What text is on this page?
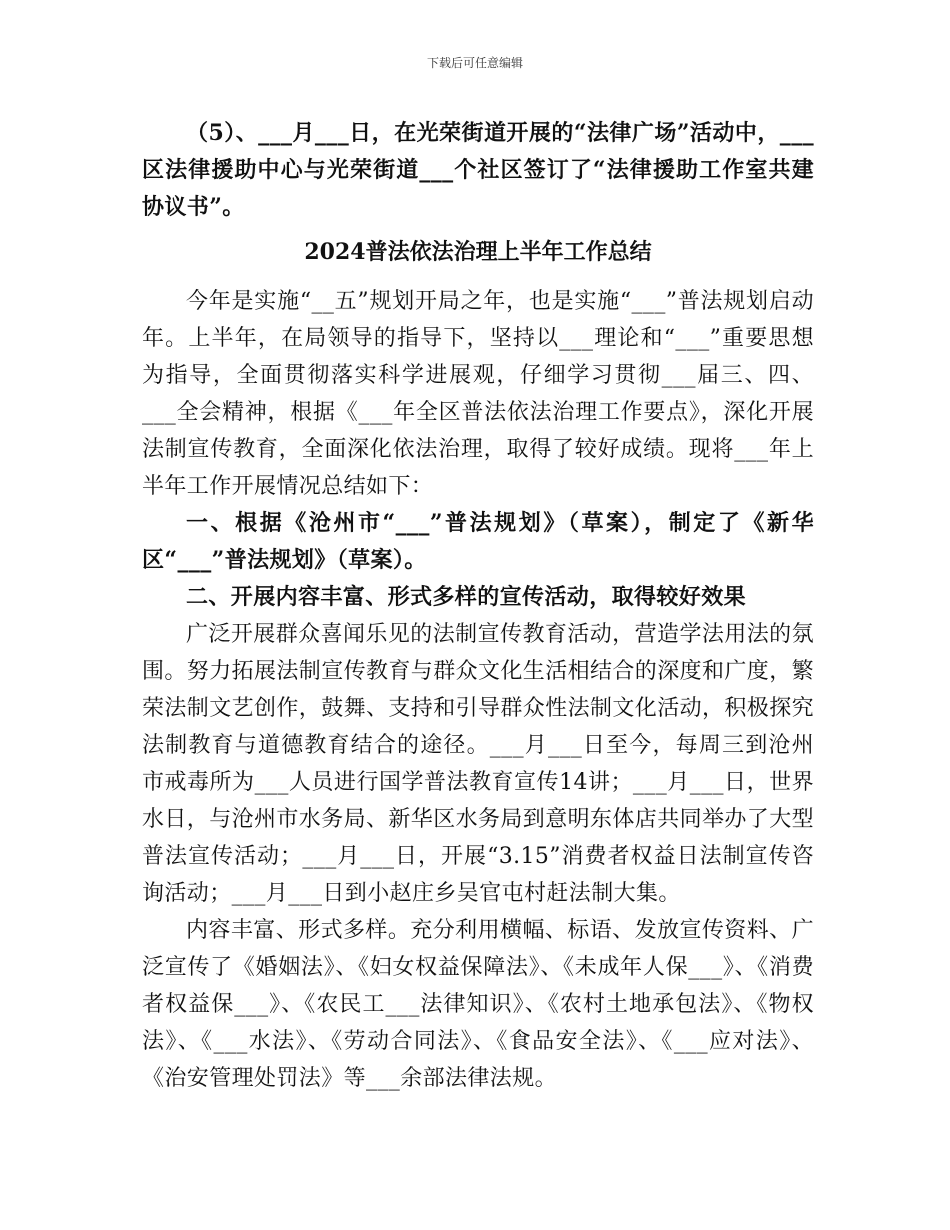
下载后可任意编辑

（5）、___月___日，在光荣街道开展的“法律广场”活动中，___区法律援助中心与光荣街道___个社区签订了“法律援助工作室共建协议书”。

2024普法依法治理上半年工作总结

今年是实施“__五”规划开局之年，也是实施“___”普法规划启动年。上半年，在局领导的指导下，坚持以___理论和“___”重要思想为指导，全面贯彻落实科学进展观，仔细学习贯彻___届三、四、___全会精神，根据《___年全区普法依法治理工作要点》，深化开展法制宣传教育，全面深化依法治理，取得了较好成绩。现将___年上半年工作开展情况总结如下：

一、根据《沧州市“___”普法规划》（草案），制定了《新华区“___”普法规划》（草案）。

二、开展内容丰富、形式多样的宣传活动，取得较好效果

广泛开展群众喜闻乐见的法制宣传教育活动，营造学法用法的氛围。努力拓展法制宣传教育与群众文化生活相结合的深度和广度，繁荣法制文艺创作，鼓舞、支持和引导群众性法制文化活动，积极探究法制教育与道德教育结合的途径。___月___日至今，每周三到沧州市戒毒所为___人员进行国学普法教育宣传14讲；___月___日，世界水日，与沧州市水务局、新华区水务局到意明东体店共同举办了大型普法宣传活动；___月___日，开展“3.15”消费者权益日法制宣传咨询活动；___月___日到小赵庄乡吴官屯村赶法制大集。

内容丰富、形式多样。充分利用横幅、标语、发放宣传资料、广泛宣传了《婚姻法》、《妇女权益保障法》、《未成年人保___》、《消费者权益保___》、《农民工___法律知识》、《农村土地承包法》、《物权法》、《___水法》、《劳动合同法》、《食品安全法》、《___应对法》、《治安管理处罚法》等___余部法律法规。
